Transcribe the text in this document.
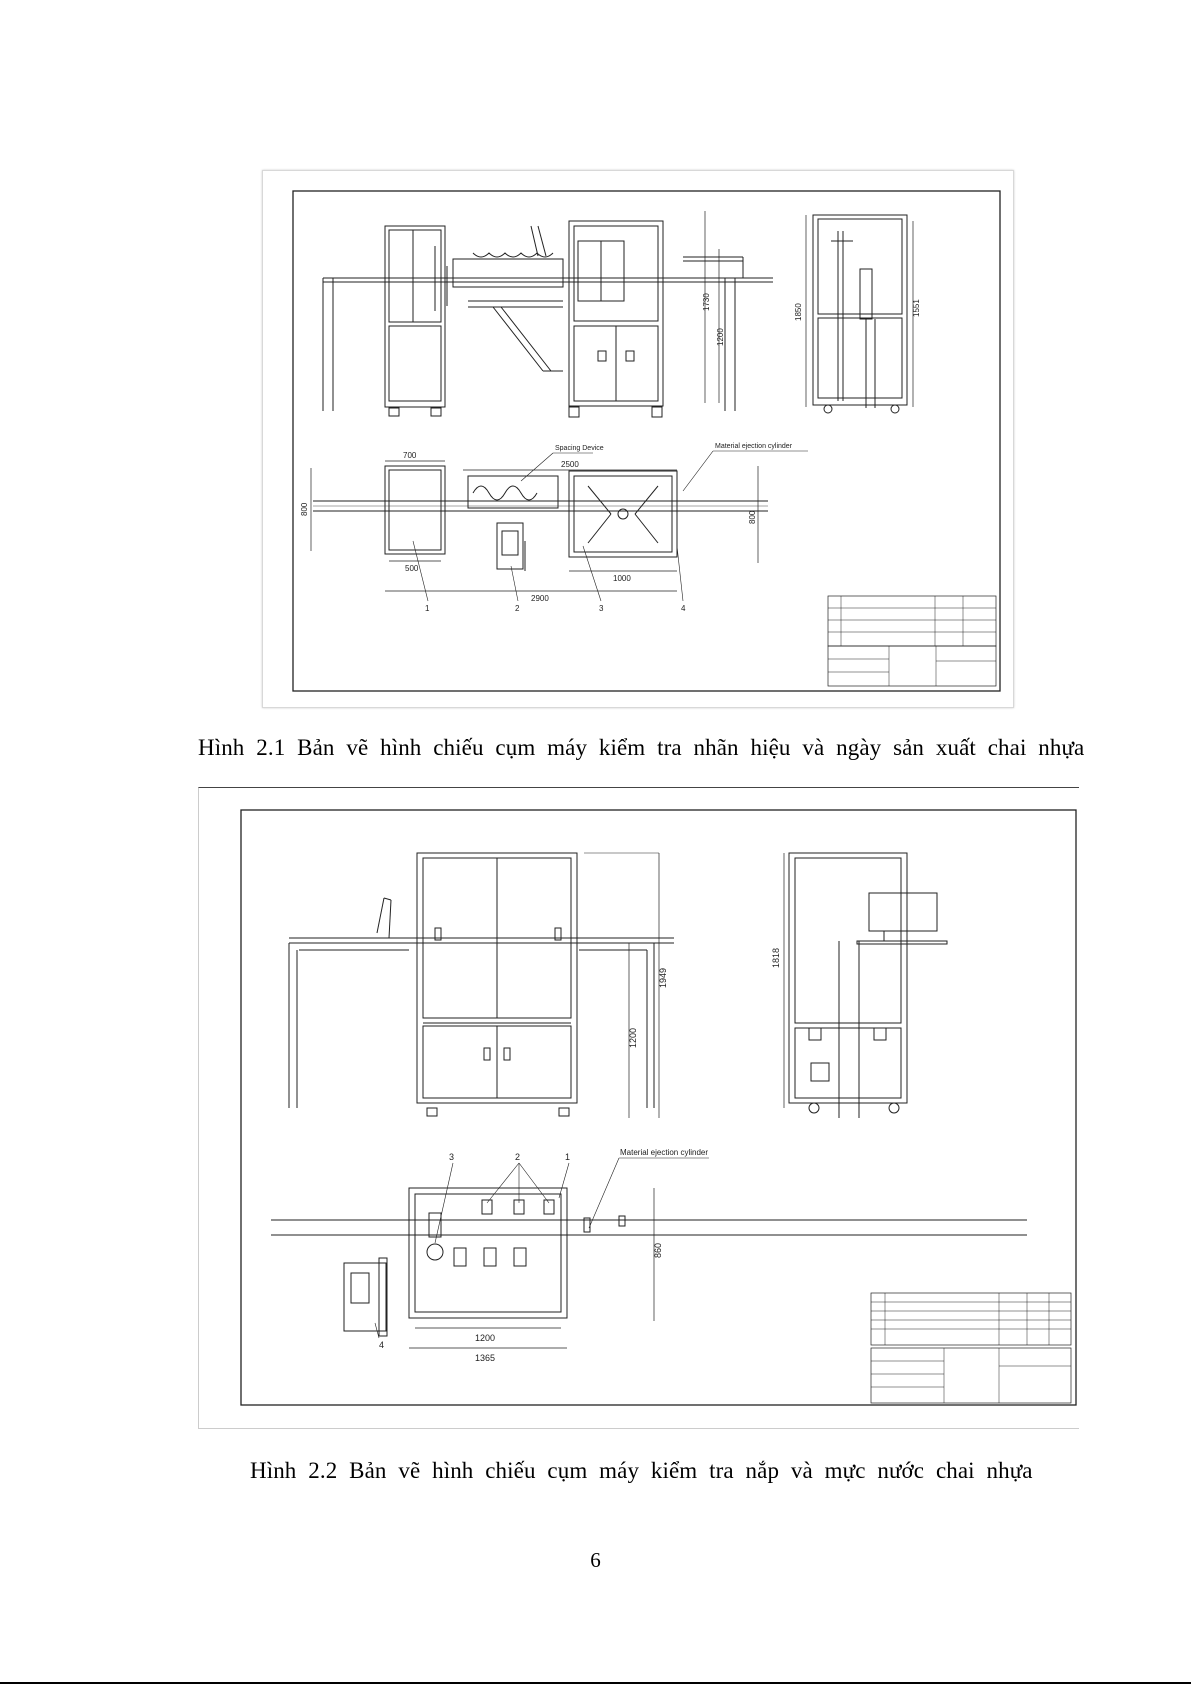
1730
1200
1850	1551
800
800
700
2500
500
1000
2900
Spacing Device	Material ejection cylinder
1	2	3	4
Hình 2.1 Bản vẽ hình chiếu cụm máy kiểm tra nhãn hiệu và ngày sản xuất chai nhựa
1949
1200
1818
1200
1365
860
Material ejection cylinder
1
2
3
4
Hình 2.2 Bản vẽ hình chiếu cụm máy kiểm tra nắp và mực nước chai nhựa
6
